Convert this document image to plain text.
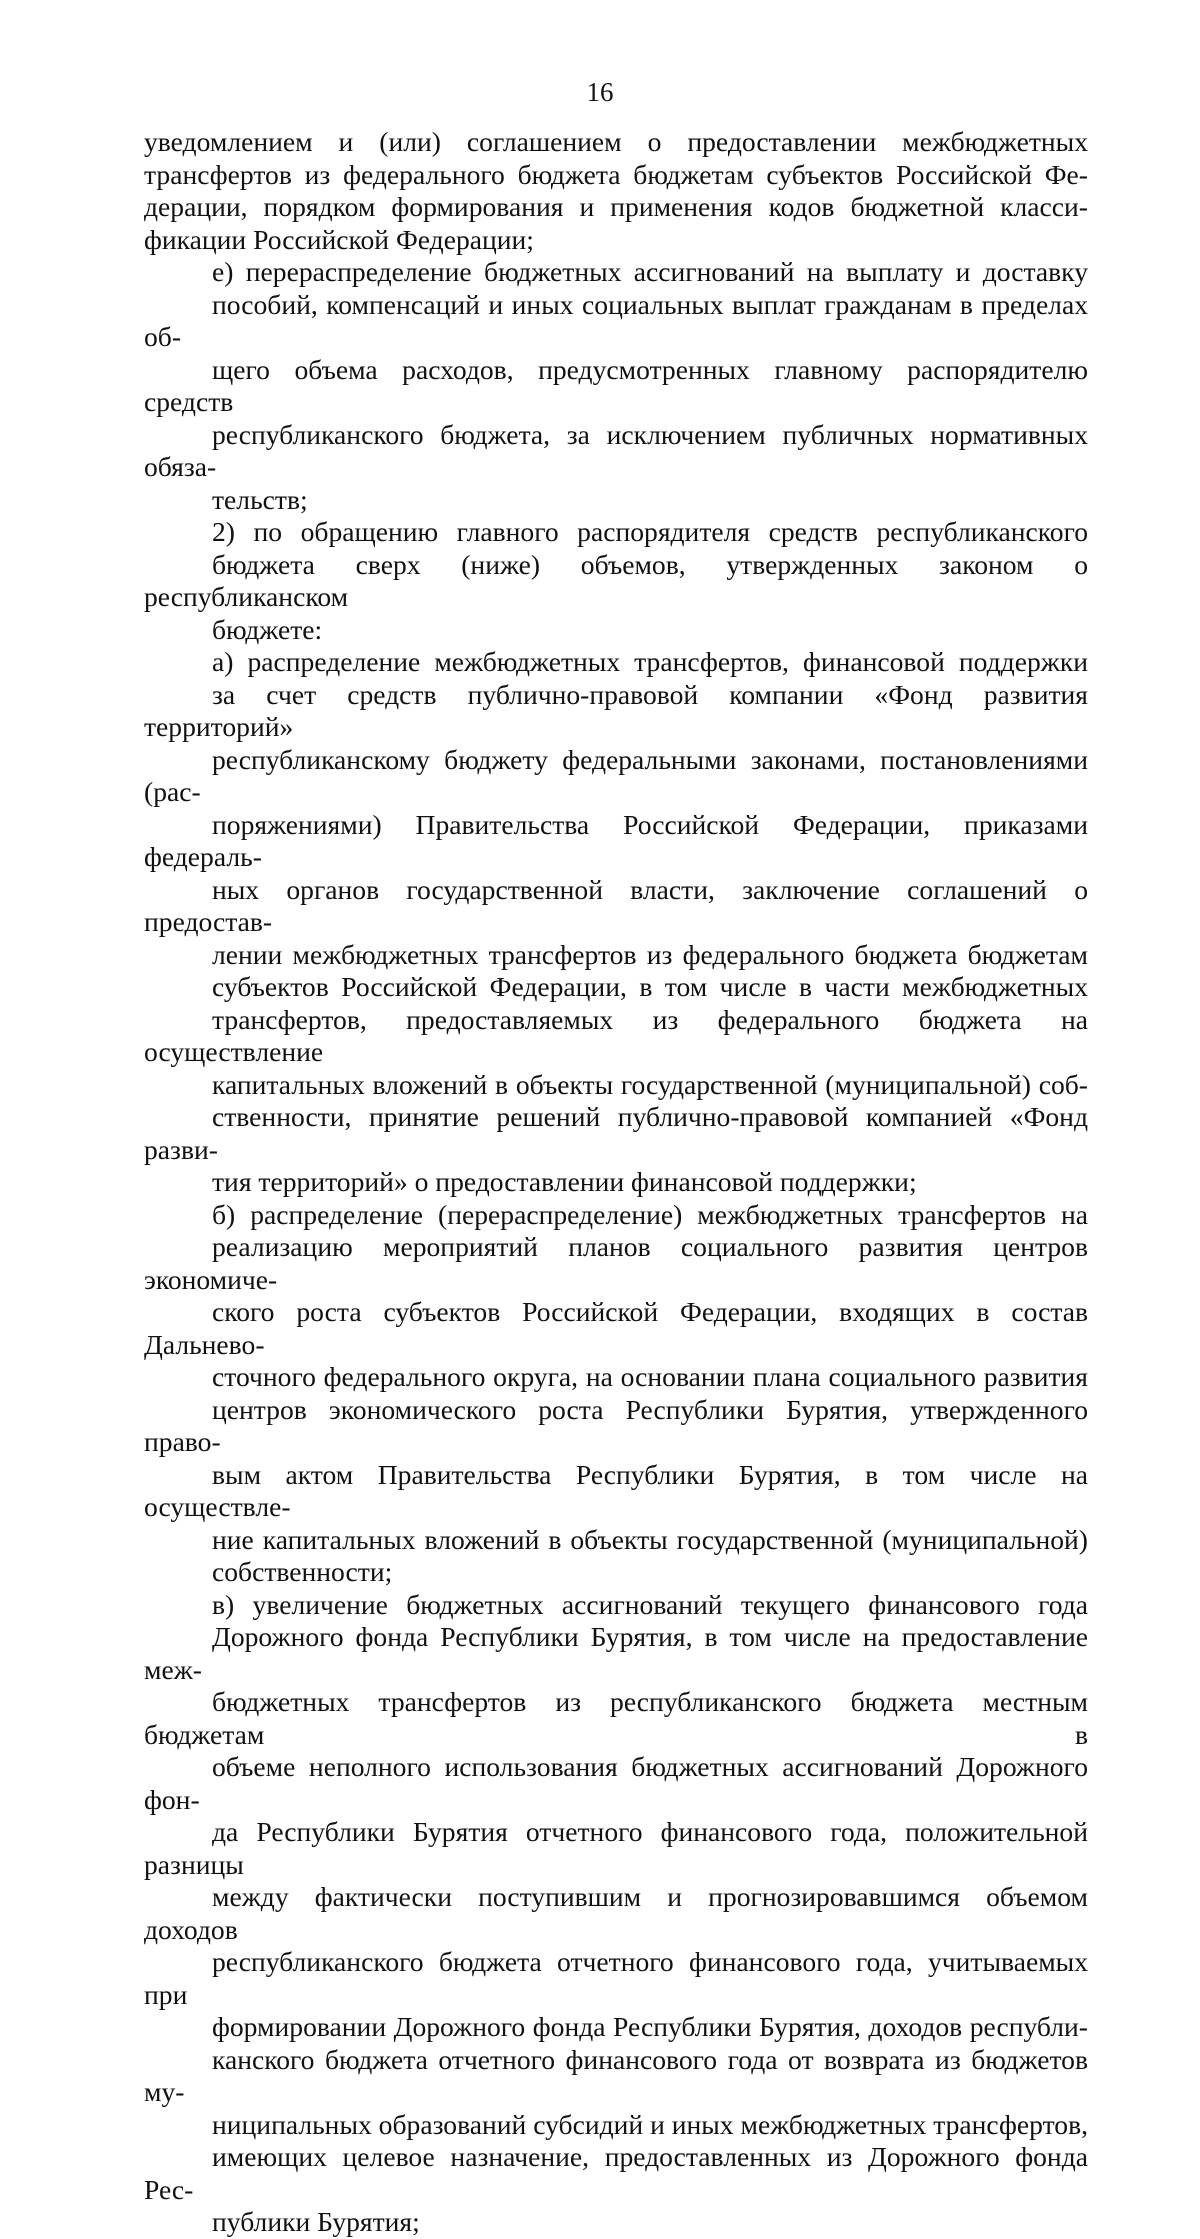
16

уведомлением и (или) соглашением о предоставлении межбюджетных
трансфертов из федерального бюджета бюджетам субъектов Российской Фе-
дерации, порядком формирования и применения кодов бюджетной класси-
фикации Российской Федерации;

е) перераспределение бюджетных ассигнований на выплату и доставку
пособий, компенсаций и иных социальных выплат гражданам в пределах об-
щего объема расходов, предусмотренных главному распорядителю средств
республиканского бюджета, за исключением публичных нормативных обяза-
тельств;

2) по обращению главного распорядителя средств республиканского
бюджета сверх (ниже) объемов, утвержденных законом о республиканском
бюджете:

а) распределение межбюджетных трансфертов, финансовой поддержки
за счет средств публично-правовой компании «Фонд развития территорий»
республиканскому бюджету федеральными законами, постановлениями (рас-
поряжениями) Правительства Российской Федерации, приказами федераль-
ных органов государственной власти, заключение соглашений о предостав-
лении межбюджетных трансфертов из федерального бюджета бюджетам
субъектов Российской Федерации, в том числе в части межбюджетных
трансфертов, предоставляемых из федерального бюджета на осуществление
капитальных вложений в объекты государственной (муниципальной) соб-
ственности, принятие решений публично-правовой компанией «Фонд разви-
тия территорий» о предоставлении финансовой поддержки;

б) распределение (перераспределение) межбюджетных трансфертов на
реализацию мероприятий планов социального развития центров экономиче-
ского роста субъектов Российской Федерации, входящих в состав Дальнево-
сточного федерального округа, на основании плана социального развития
центров экономического роста Республики Бурятия, утвержденного право-
вым актом Правительства Республики Бурятия, в том числе на осуществле-
ние капитальных вложений в объекты государственной (муниципальной)
собственности;

в) увеличение бюджетных ассигнований текущего финансового года
Дорожного фонда Республики Бурятия, в том числе на предоставление меж-
бюджетных трансфертов из республиканского бюджета местным бюджетам в
объеме неполного использования бюджетных ассигнований Дорожного фон-
да Республики Бурятия отчетного финансового года, положительной разницы
между фактически поступившим и прогнозировавшимся объемом доходов
республиканского бюджета отчетного финансового года, учитываемых при
формировании Дорожного фонда Республики Бурятия, доходов республи-
канского бюджета отчетного финансового года от возврата из бюджетов му-
ниципальных образований субсидий и иных межбюджетных трансфертов,
имеющих целевое назначение, предоставленных из Дорожного фонда Рес-
публики Бурятия;
